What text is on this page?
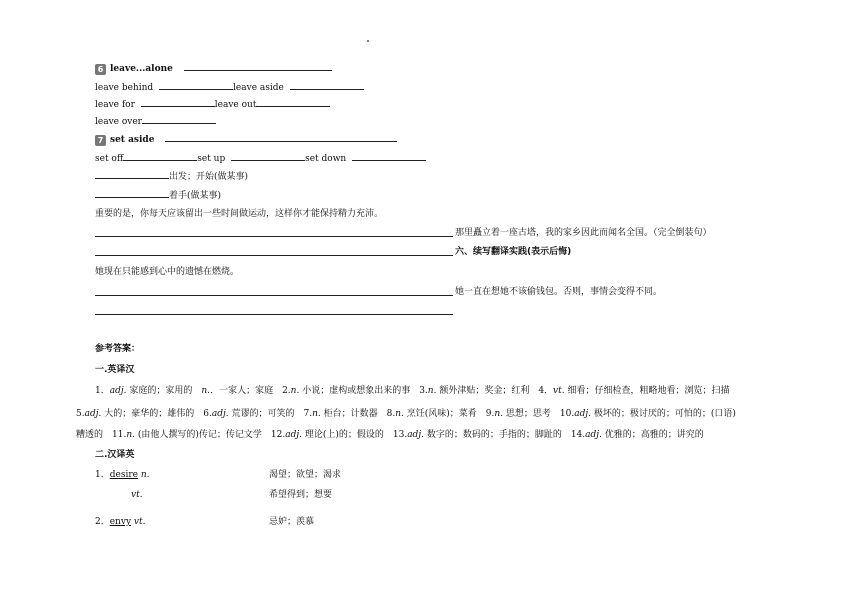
6 leave...alone
leave behind	leave aside
leave for	leave out
leave over
7 set aside
set off	set up	set down
出发；开始(做某事)
着手(做某事)
重要的是，你每天应该留出一些时间做运动，这样你才能保持精力充沛。
那里矗立着一座古塔，我的家乡因此而闻名全国。（完全倒装句）
六、续写翻译实践(表示后悔)
她现在只能感到心中的遗憾在燃烧。
她一直在想她不该偷钱包。否则，事情会变得不同。
参考答案：
一.英译汉
1．adj. 家庭的；家用的　n.．一家人；家庭　2.n. 小说；虚构或想象出来的事　3.n. 额外津贴；奖金；红利　4．vt. 细看；仔细检查，粗略地看；浏览；扫描
5.adj. 大的；豪华的；雄伟的　6.adj. 荒谬的；可笑的　7.n. 柜台；计数器　8.n. 烹饪(风味)；菜肴　9.n. 思想；思考　10.adj. 极坏的；极讨厌的；可怕的；(口语)
糟透的　11.n. (由他人撰写的)传记；传记文学　12.adj. 理论(上)的；假设的　13.adj. 数字的；数码的；手指的；脚趾的　14.adj. 优雅的；高雅的；讲究的
二.汉译英
1．desire n.	渴望；欲望；渴求
vt.	希望得到；想要
2．envy vt.	忌妒；羡慕
